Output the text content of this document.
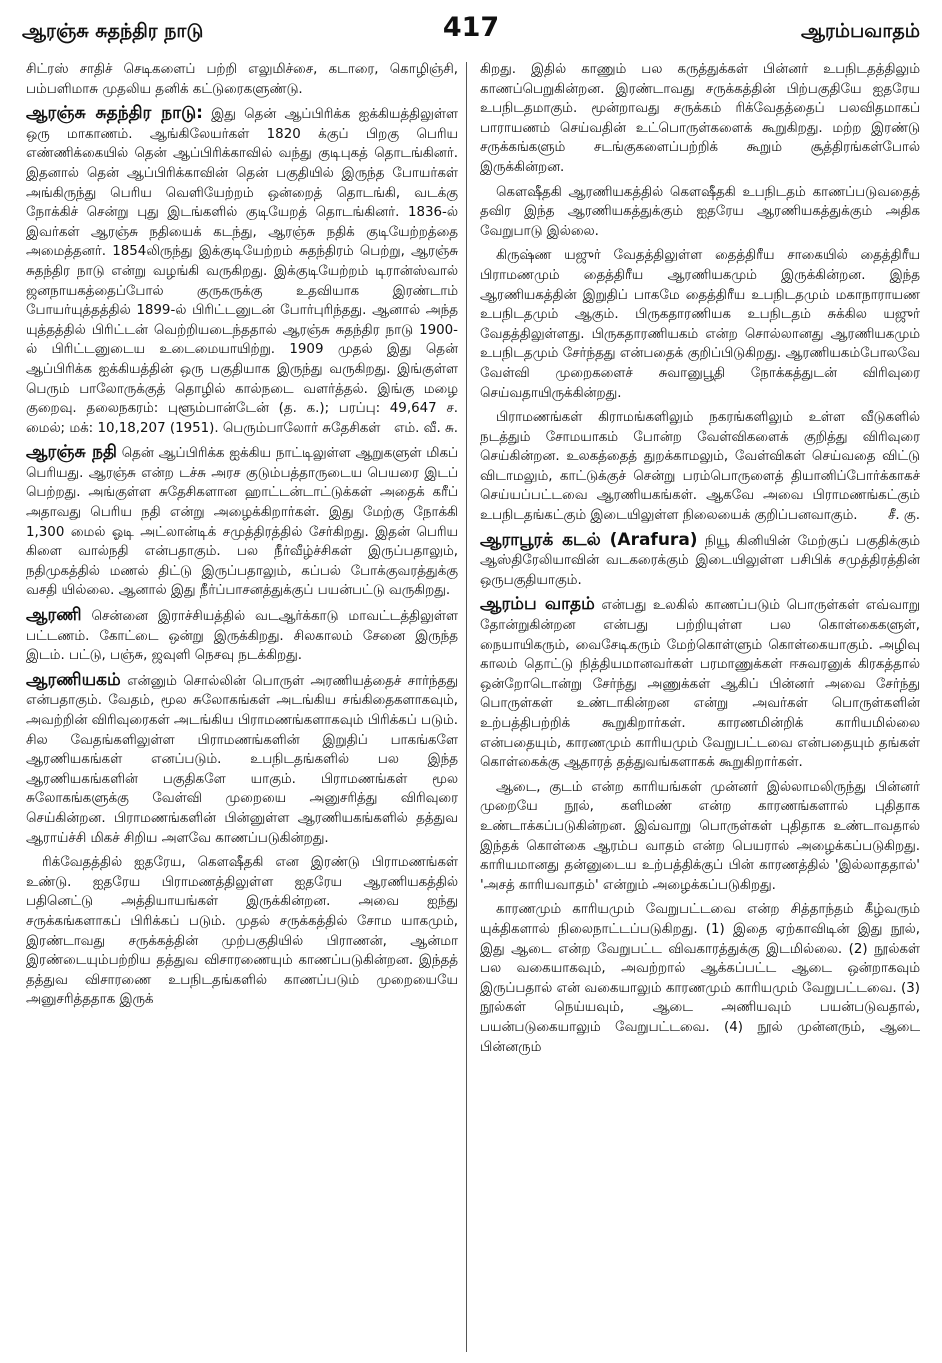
ஆரஞ்சு சுதந்திர நாடு	417	ஆரம்பவாதம்

சிட்ரஸ் சாதிச் செடிகளைப் பற்றி எலுமிச்சை, கடாரை, கொழிஞ்சி, பம்பளிமாசு முதலிய தனிக் கட்டுரைகளுண்டு.

ஆரஞ்சு சுதந்திர நாடு: இது தென் ஆப்பிரிக்க ஐக்கியத்திலுள்ள ஒரு மாகாணம். ஆங்கிலேயர்கள் 1820 க்குப் பிறகு பெரிய எண்ணிக்கையில் தென் ஆப்பிரிக்காவில் வந்து குடிபுகத் தொடங்கினர். இதனால் தென் ஆப்பிரிக்காவின் தென் பகுதியில் இருந்த போயர்கள் அங்கிருந்து பெரிய வெளியேற்றம் ஒன்றைத் தொடங்கி, வடக்கு நோக்கிச் சென்று புது இடங்களில் குடியேறத் தொடங்கினர். 1836-ல் இவர்கள் ஆரஞ்சு நதியைக் கடந்து, ஆரஞ்சு நதிக் குடியேற்றத்தை அமைத்தனர். 1854லிருந்து இக்குடியேற்றம் சுதந்திரம் பெற்று, ஆரஞ்சு சுதந்திர நாடு என்று வழங்கி வருகிறது. இக்குடியேற்றம் டிரான்ஸ்வால் ஜனநாயகத்தைப்போல் குருகருக்கு உதவியாக இரண்டாம் போயர்யுத்தத்தில் 1899-ல் பிரிட்டனுடன் போர்புரிந்தது. ஆனால் அந்த யுத்தத்தில் பிரிட்டன் வெற்றியடைந்ததால் ஆரஞ்சு சுதந்திர நாடு 1900-ல் பிரிட்டனுடைய உடைமையாயிற்று. 1909 முதல் இது தென் ஆப்பிரிக்க ஐக்கியத்தின் ஒரு பகுதியாக இருந்து வருகிறது. இங்குள்ள பெரும் பாலோருக்குத் தொழில் கால்நடை வளர்த்தல். இங்கு மழை குறைவு. தலைநகரம்: புளூம்பான்டேன் (த. க.); பரப்பு: 49,647 ச. மைல்; மக்: 10,18,207 (1951). பெரும்பாலோர் சுதேசிகள் எம். வீ. சு.

ஆரஞ்சு நதி தென் ஆப்பிரிக்க ஐக்கிய நாட்டிலுள்ள ஆறுகளுள் மிகப் பெரியது. ஆரஞ்சு என்ற டச்சு அரச குடும்பத்தாருடைய பெயரை இடப் பெற்றது. அங்குள்ள சுதேசிகளான ஹாட்டன்டாட்டுக்கள் அதைக் கரீப் அதாவது பெரிய நதி என்று அழைக்கிறார்கள். இது மேற்கு நோக்கி 1,300 மைல் ஓடி அட்லான்டிக் சமுத்திரத்தில் சேர்கிறது. இதன் பெரிய கிளை வால்நதி என்பதாகும். பல நீர்வீழ்ச்சிகள் இருப்பதாலும், நதிமுகத்தில் மணல் திட்டு இருப்பதாலும், கப்பல் போக்குவரத்துக்கு வசதி யில்லை. ஆனால் இது நீர்ப்பாசனத்துக்குப் பயன்பட்டு வருகிறது.

ஆரணி சென்னை இராச்சியத்தில் வடஆர்க்காடு மாவட்டத்திலுள்ள பட்டணம். கோட்டை ஒன்று இருக்கிறது. சிலகாலம் சேனை இருந்த இடம். பட்டு, பஞ்சு, ஜவுளி நெசவு நடக்கிறது.

ஆரணியகம் என்னும் சொல்லின் பொருள் அரணியத்தைச் சார்ந்தது என்பதாகும். வேதம், மூல சுலோகங்கள் அடங்கிய சங்கிதைகளாகவும், அவற்றின் விரிவுரைகள் அடங்கிய பிராமணங்களாகவும் பிரிக்கப் படும். சில வேதங்களிலுள்ள பிராமணங்களின் இறுதிப் பாகங்களே ஆரணியகங்கள் எனப்படும். உபநிடதங்களில் பல இந்த ஆரணியகங்களின் பகுதிகளே யாகும். பிராமணங்கள் மூல சுலோகங்களுக்கு வேள்வி முறையை அனுசரித்து விரிவுரை செய்கின்றன. பிராமணங்களின் பின்னுள்ள ஆரணியகங்களில் தத்துவ ஆராய்ச்சி மிகச் சிறிய அளவே காணப்படுகின்றது.

ரிக்வேதத்தில் ஐதரேய, கௌஷீதகி என இரண்டு பிராமணங்கள் உண்டு. ஐதரேய பிராமணத்திலுள்ள ஐதரேய ஆரணியகத்தில் பதினெட்டு அத்தியாயங்கள் இருக்கின்றன. அவை ஐந்து சருக்கங்களாகப் பிரிக்கப் படும். முதல் சருக்கத்தில் சோம யாகமும், இரண்டாவது சருக்கத்தின் முற்பகுதியில் பிராணன், ஆன்மா இரண்டையும்பற்றிய தத்துவ விசாரணையும் காணப்படுகின்றன. இந்தத் தத்துவ விசாரணை உபநிடதங்களில் காணப்படும் முறையையே அனுசரித்ததாக இருக்

கிறது. இதில் காணும் பல கருத்துக்கள் பின்னர் உபநிடதத்திலும் காணப்பெறுகின்றன. இரண்டாவது சருக்கத்தின் பிற்பகுதியே ஐதரேய உபநிடதமாகும். மூன்றாவது சருக்கம் ரிக்வேதத்தைப் பலவிதமாகப் பாராயணம் செய்வதின் உட்பொருள்களைக் கூறுகிறது. மற்ற இரண்டு சருக்கங்களும் சடங்குகளைப்பற்றிக் கூறும் சூத்திரங்கள்போல் இருக்கின்றன.

கௌஷீதகி ஆரணியகத்தில் கௌஷீதகி உபநிடதம் காணப்படுவதைத் தவிர இந்த ஆரணியகத்துக்கும் ஐதரேய ஆரணியகத்துக்கும் அதிக வேறுபாடு இல்லை.

கிருஷ்ண யஜுர் வேதத்திலுள்ள தைத்திரீய சாகையில் தைத்திரீய பிராமணமும் தைத்திரீய ஆரணியகமும் இருக்கின்றன. இந்த ஆரணியகத்தின் இறுதிப் பாகமே தைத்திரீய உபநிடதமும் மகாநாராயண உபநிடதமும் ஆகும். பிருகதாரணியக உபநிடதம் சுக்கில யஜுர் வேதத்திலுள்ளது. பிருகதாரணியகம் என்ற சொல்லானது ஆரணியகமும் உபநிடதமும் சேர்ந்தது என்பதைக் குறிப்பிடுகிறது. ஆரணியகம்போலவே வேள்வி முறைகளைச் சுவானுபூதி நோக்கத்துடன் விரிவுரை செய்வதாயிருக்கின்றது.

பிராமணங்கள் கிராமங்களிலும் நகரங்களிலும் உள்ள வீடுகளில் நடத்தும் சோமயாகம் போன்ற வேள்விகளைக் குறித்து விரிவுரை செய்கின்றன. உலகத்தைத் துறக்காமலும், வேள்விகள் செய்வதை விட்டு விடாமலும், காட்டுக்குச் சென்று பரம்பொருளைத் தியானிப்போர்க்காகச் செய்யப்பட்டவை ஆரணியகங்கள். ஆகவே அவை பிராமணங்கட்கும் உபநிடதங்கட்கும் இடையிலுள்ள நிலையைக் குறிப்பனவாகும்.	சீ. கு.

ஆராபூரக் கடல் (Arafura) நியூ கினியின் மேற்குப் பகுதிக்கும் ஆஸ்திரேலியாவின் வடகரைக்கும் இடையிலுள்ள பசிபிக் சமுத்திரத்தின் ஒருபகுதியாகும்.

ஆரம்ப வாதம் என்பது உலகில் காணப்படும் பொருள்கள் எவ்வாறு தோன்றுகின்றன என்பது பற்றியுள்ள பல கொள்கைகளுள், நையாயிகரும், வைசேடிகரும் மேற்கொள்ளும் கொள்கையாகும். அழிவு காலம் தொட்டு நித்தியமானவர்கள் பரமாணுக்கள் ஈசுவரனுக் கிரகத்தால் ஒன்றோடொன்று சேர்ந்து அணுக்கள் ஆகிப் பின்னர் அவை சேர்ந்து பொருள்கள் உண்டாகின்றன என்று அவர்கள் பொருள்களின் உற்பத்திபற்றிக் கூறுகிறார்கள். காரணமின்றிக் காரியமில்லை என்பதையும், காரணமும் காரியமும் வேறுபட்டவை என்பதையும் தங்கள் கொள்கைக்கு ஆதாரத் தத்துவங்களாகக் கூறுகிறார்கள்.

ஆடை, குடம் என்ற காரியங்கள் முன்னர் இல்லாமலிருந்து பின்னர் முறையே நூல், களிமண் என்ற காரணங்களால் புதிதாக உண்டாக்கப்படுகின்றன. இவ்வாறு பொருள்கள் புதிதாக உண்டாவதால் இந்தக் கொள்கை ஆரம்ப வாதம் என்ற பெயரால் அழைக்கப்படுகிறது. காரியமானது தன்னுடைய உற்பத்திக்குப் பின் காரணத்தில் 'இல்லாததால்' 'அசத் காரியவாதம்' என்றும் அழைக்கப்படுகிறது.

காரணமும் காரியமும் வேறுபட்டவை என்ற சித்தாந்தம் கீழ்வரும் யுக்திகளால் நிலைநாட்டப்படுகிறது. (1) இதை ஏற்காவிடின் இது நூல், இது ஆடை என்ற வேறுபட்ட விவகாரத்துக்கு இடமில்லை. (2) நூல்கள் பல வகையாகவும், அவற்றால் ஆக்கப்பட்ட ஆடை ஒன்றாகவும் இருப்பதால் என் வகையாலும் காரணமும் காரியமும் வேறுபட்டவை. (3) நூல்கள் நெய்யவும், ஆடை அணியவும் பயன்படுவதால், பயன்படுகையாலும் வேறுபட்டவை. (4) நூல் முன்னரும், ஆடை பின்னரும்
